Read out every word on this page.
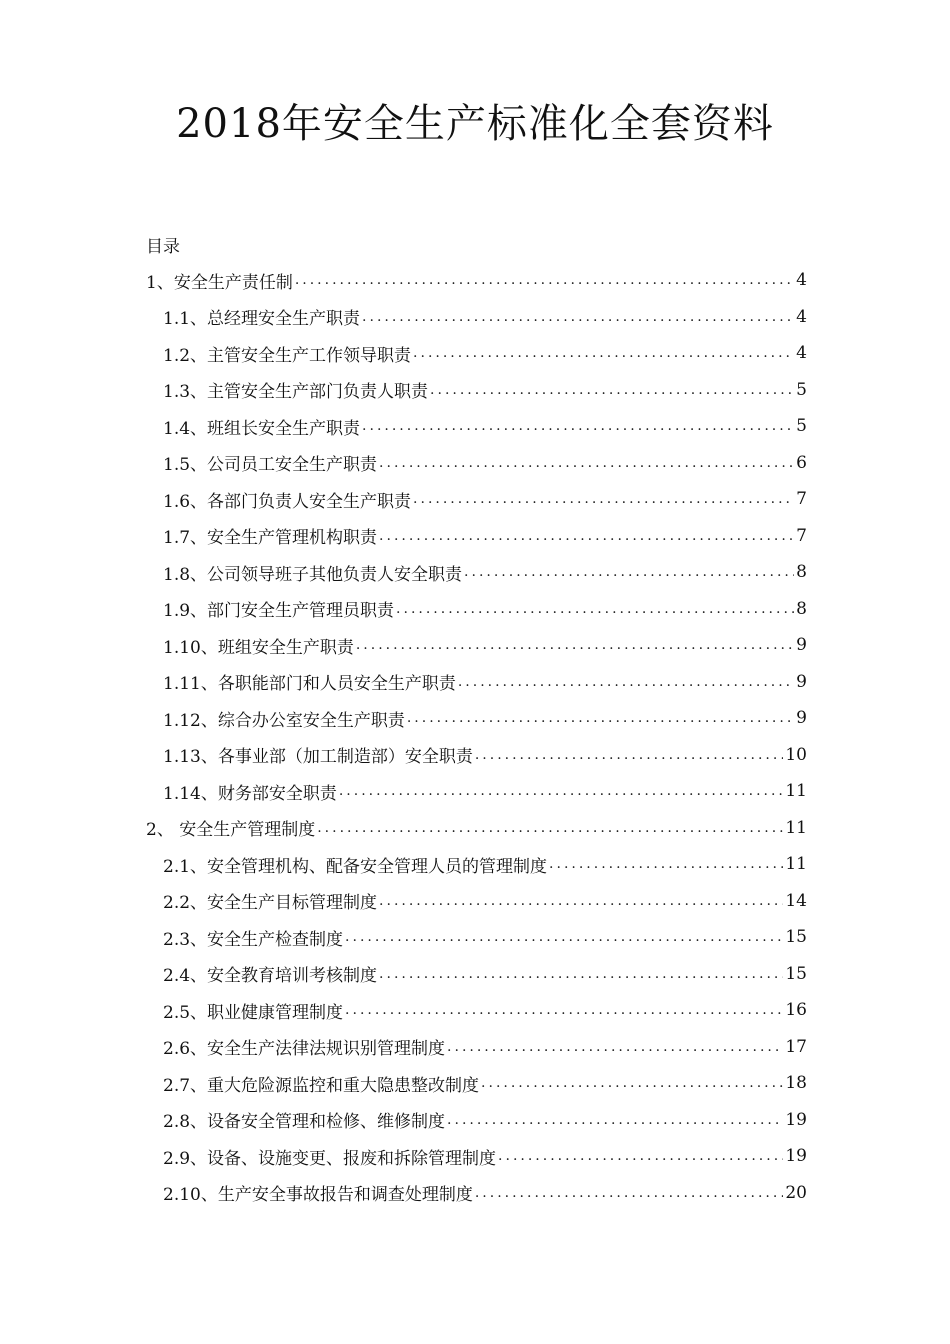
2018年安全生产标准化全套资料
目录
1、安全生产责任制 .....	4
1.1、总经理安全生产职责 .....	4
1.2、主管安全生产工作领导职责 .....	4
1.3、主管安全生产部门负责人职责 .....	5
1.4、班组长安全生产职责 .....	5
1.5、公司员工安全生产职责 .....	6
1.6、各部门负责人安全生产职责 .....	7
1.7、安全生产管理机构职责 .....	7
1.8、公司领导班子其他负责人安全职责 .....	8
1.9、部门安全生产管理员职责 .....	8
1.10、班组安全生产职责 .....	9
1.11、各职能部门和人员安全生产职责 .....	9
1.12、综合办公室安全生产职责 .....	9
1.13、各事业部（加工制造部）安全职责 .....	10
1.14、财务部安全职责 .....	11
2、 安全生产管理制度 .....	11
2.1、安全管理机构、配备安全管理人员的管理制度 .....	11
2.2、安全生产目标管理制度 .....	14
2.3、安全生产检查制度 .....	15
2.4、安全教育培训考核制度 .....	15
2.5、职业健康管理制度 .....	16
2.6、安全生产法律法规识别管理制度 .....	17
2.7、重大危险源监控和重大隐患整改制度 .....	18
2.8、设备安全管理和检修、维修制度 .....	19
2.9、设备、设施变更、报废和拆除管理制度 .....	19
2.10、生产安全事故报告和调查处理制度 .....	20
